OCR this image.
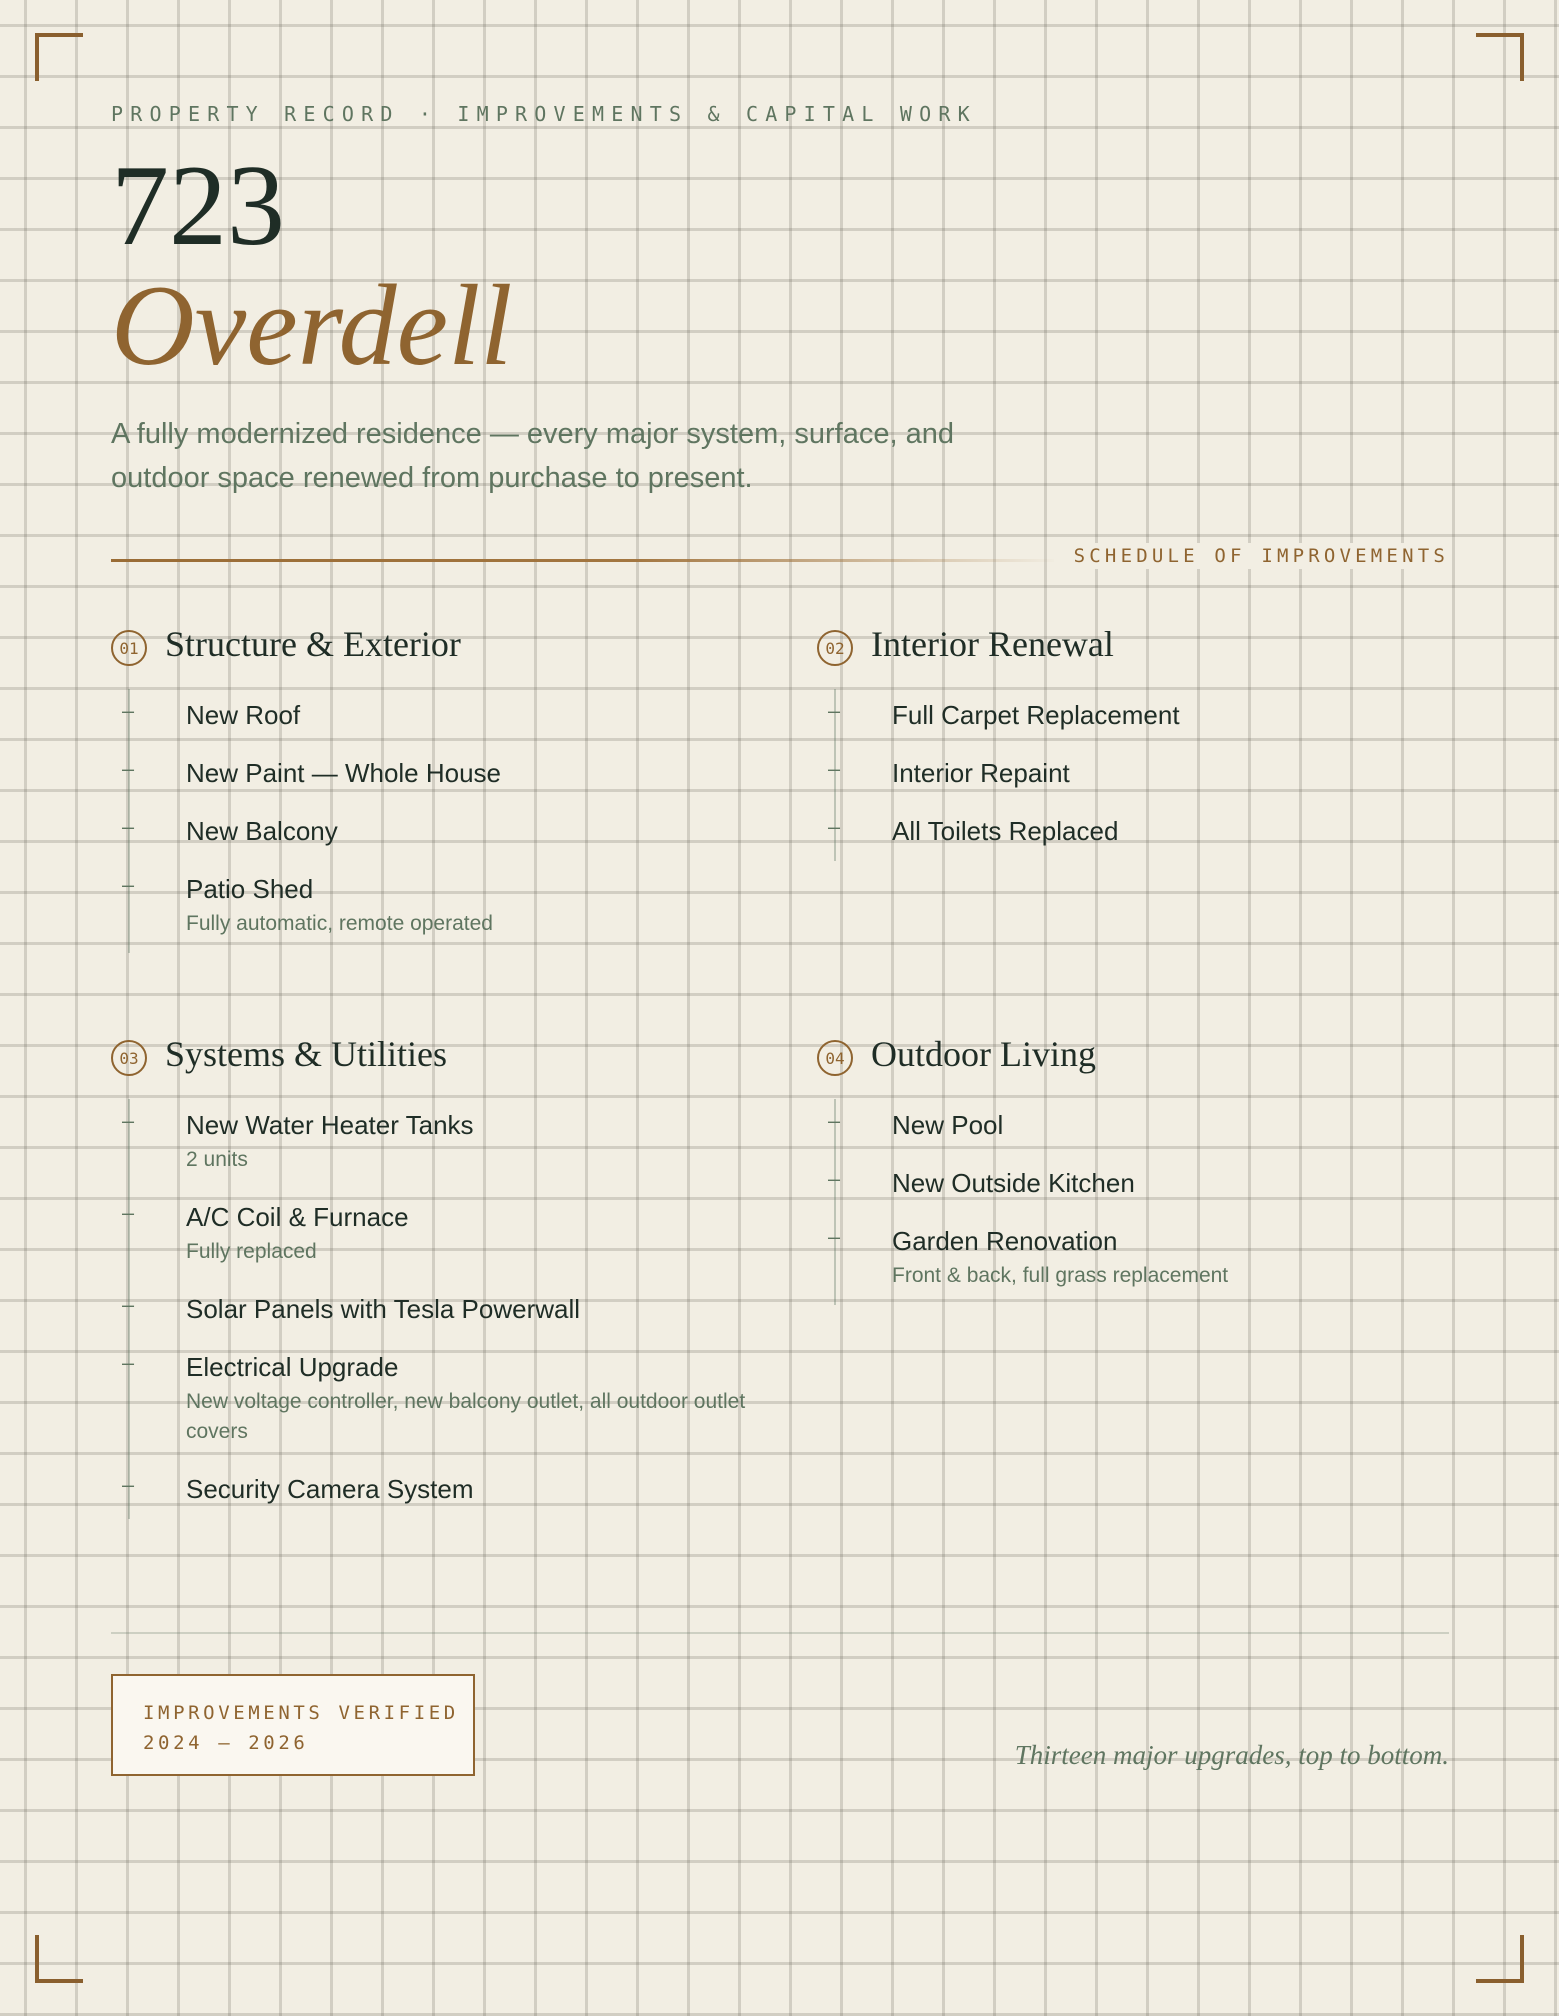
PROPERTY RECORD · IMPROVEMENTS & CAPITAL WORK
723
Overdell
A fully modernized residence — every major system, surface, and outdoor space renewed from purchase to present.
SCHEDULE OF IMPROVEMENTS
01 Structure & Exterior
– New Roof
– New Paint — Whole House
– New Balcony
– Patio Shed
Fully automatic, remote operated
02 Interior Renewal
– Full Carpet Replacement
– Interior Repaint
– All Toilets Replaced
03 Systems & Utilities
– New Water Heater Tanks
2 units
– A/C Coil & Furnace
Fully replaced
– Solar Panels with Tesla Powerwall
– Electrical Upgrade
New voltage controller, new balcony outlet, all outdoor outlet covers
– Security Camera System
04 Outdoor Living
– New Pool
– New Outside Kitchen
– Garden Renovation
Front & back, full grass replacement
IMPROVEMENTS VERIFIED
2024 — 2026	Thirteen major upgrades, top to bottom.
